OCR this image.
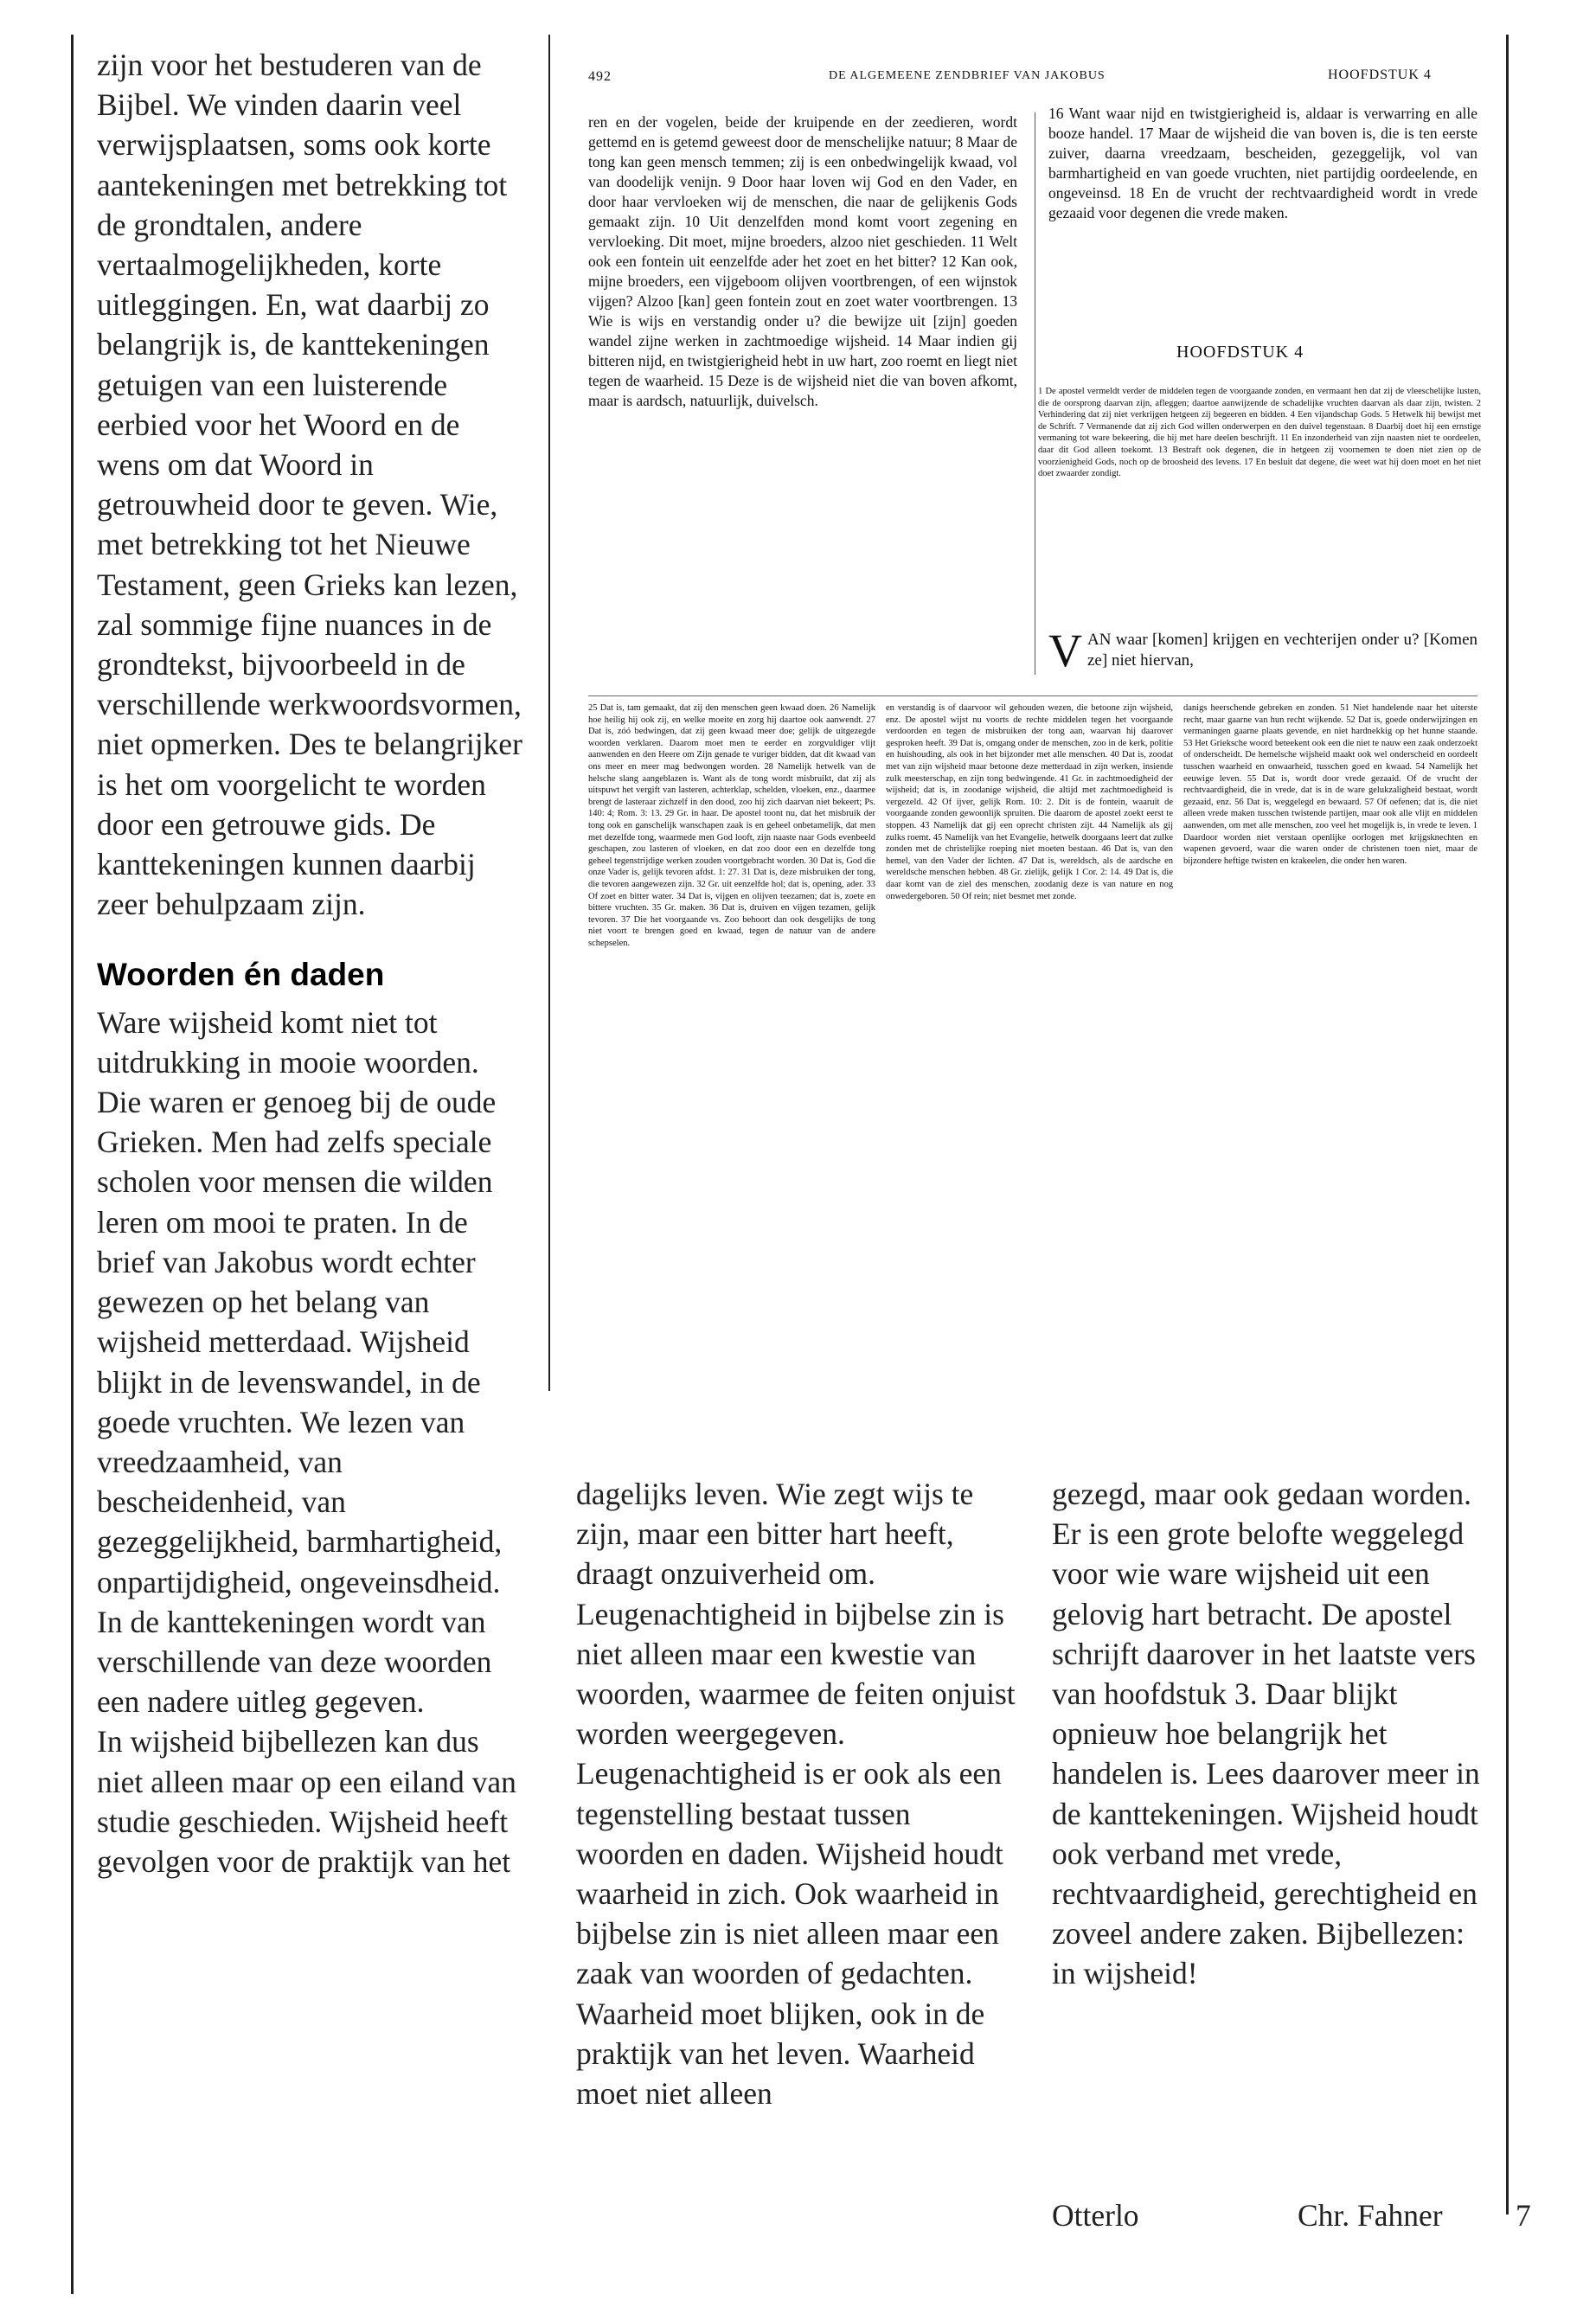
zijn voor het bestuderen van de Bijbel. We vinden daarin veel verwijsplaatsen, soms ook korte aantekeningen met betrekking tot de grondtalen, andere vertaalmogelijkheden, korte uitleggingen. En, wat daarbij zo belangrijk is, de kanttekeningen getuigen van een luisterende eerbied voor het Woord en de wens om dat Woord in getrouwheid door te geven. Wie, met betrekking tot het Nieuwe Testament, geen Grieks kan lezen, zal sommige fijne nuances in de grondtekst, bijvoorbeeld in de verschillende werkwoordsvormen, niet opmerken. Des te belangrijker is het om voorgelicht te worden door een getrouwe gids. De kanttekeningen kunnen daarbij zeer behulpzaam zijn.

Woorden én daden

Ware wijsheid komt niet tot uitdrukking in mooie woorden. Die waren er genoeg bij de oude Grieken. Men had zelfs speciale scholen voor mensen die wilden leren om mooi te praten. In de brief van Jakobus wordt echter gewezen op het belang van wijsheid metterdaad. Wijsheid blijkt in de levenswandel, in de goede vruchten. We lezen van vreedzaamheid, van bescheidenheid, van gezeggelijkheid, barmhartigheid, onpartijdigheid, ongeveinsdheid. In de kanttekeningen wordt van verschillende van deze woorden een nadere uitleg gegeven.

In wijsheid bijbellezen kan dus niet alleen maar op een eiland van studie geschieden. Wijsheid heeft gevolgen voor de praktijk van het

492	DE ALGEMEENE ZENDBRIEF VAN JAKOBUS	HOOFDSTUK 4

ren en der vogelen, beide der kruipende en der zeedieren, wordt gettemd en is getemd geweest door de menschelijke natuur; 8 Maar de tong kan geen mensch temmen; zij is een onbedwingelijk kwaad, vol van doodelijk venijn. 9 Door haar loven wij God en den Vader, en door haar vervloeken wij de menschen, die naar de gelijkenis Gods gemaakt zijn. 10 Uit denzelfden mond komt voort zegening en vervloeking. Dit moet, mijne broeders, alzoo niet geschieden. 11 Welt ook een fontein uit eenzelfde ader het zoet en het bitter? 12 Kan ook, mijne broeders, een vijgeboom olijven voortbrengen, of een wijnstok vijgen? Alzoo [kan] geen fontein zout en zoet water voortbrengen. 13 Wie is wijs en verstandig onder u? die bewijze uit [zijn] goeden wandel zijne werken in zachtmoedige wijsheid. 14 Maar indien gij bitteren nijd, en twistgierigheid hebt in uw hart, zoo roemt en liegt niet tegen de waarheid. 15 Deze is de wijsheid niet die van boven afkomt, maar is aardsch, natuurlijk, duivelsch.

16 Want waar nijd en twistgierigheid is, aldaar is verwarring en alle booze handel. 17 Maar de wijsheid die van boven is, die is ten eerste zuiver, daarna vreedzaam, bescheiden, gezeggelijk, vol van barmhartigheid en van goede vruchten, niet partijdig oordeelende, en ongeveinsd. 18 En de vrucht der rechtvaardigheid wordt in vrede gezaaid voor degenen die vrede maken.

HOOFDSTUK 4

1 De apostel vermeldt verder de middelen tegen de voorgaande zonden, en vermaant hen dat zij de vleeschelijke lusten, die de oorsprong daarvan zijn, afleggen; daartoe aanwijzende de schadelijke vruchten daarvan als daar zijn, twisten. 2 Verhindering dat zij niet verkrijgen hetgeen zij begeeren en bidden. 4 Een vijandschap Gods. 5 Hetwelk hij bewijst met de Schrift. 7 Vermanende dat zij zich God willen onderwerpen en den duivel tegenstaan. 8 Daarbij doet hij een ernstige vermaning tot ware bekeering, die hij met hare deelen beschrijft. 11 En inzonderheid van zijn naasten niet te oordeelen, daar dit God alleen toekomt. 13 Bestraft ook degenen, die in hetgeen zij voornemen te doen niet zien op de voorzienigheid Gods, noch op de broosheid des levens. 17 En besluit dat degene, die weet wat hij doen moet en het niet doet zwaarder zondigt.

V AN waar [komen] krijgen en vechterijen onder u? [Komen ze] niet hiervan,

25 Dat is, tam gemaakt, dat zij den menschen geen kwaad doen. 26 Namelijk hoe heilig hij ook zij, en welke moeite en zorg hij daartoe ook aanwendt. 27 Dat is, zóó bedwingen, dat zij geen kwaad meer doe; gelijk de uitgezegde woorden verklaren. Daarom moet men te eerder en zorgvuldiger vlijt aanwenden en den Heere om Zijn genade te vuriger bidden, dat dit kwaad van ons meer en meer mag bedwongen worden. 28 Namelijk hetwelk van de helsche slang aangeblazen is. Want als de tong wordt misbruikt, dat zij als uitspuwt het vergift van lasteren, achterklap, schelden, vloeken, enz., daarmee brengt de lasteraar zichzelf in den dood, zoo hij zich daarvan niet bekeert; Ps. 140: 4; Rom. 3: 13. 29 Gr. in haar. De apostel toont nu, dat het misbruik der tong ook en ganschelijk wanschapen zaak is en geheel onbetamelijk, dat men met dezelfde tong, waarmede men God looft, zijn naaste naar Gods evenbeeld geschapen, zou lasteren of vloeken, en dat zoo door een en dezelfde tong geheel tegenstrijdige werken zouden voortgebracht worden. 30 Dat is, God die onze Vader is, gelijk tevoren afdst. 1: 27. 31 Dat is, deze misbruiken der tong, die tevoren aangewezen zijn. 32 Gr. uit eenzelfde hol; dat is, opening, ader. 33 Of zoet en bitter water. 34 Dat is, vijgen en olijven teezamen; dat is, zoete en bittere vruchten. 35 Gr. maken. 36 Dat is, druiven en vijgen tezamen, gelijk tevoren. 37 Die het voorgaande vs. Zoo behoort dan ook desgelijks de tong niet voort te brengen goed en kwaad, tegen de natuur van de andere schepselen.

en verstandig is of daarvoor wil gehouden wezen, die betoone zijn wijsheid, enz. De apostel wijst nu voorts de rechte middelen tegen het voorgaande verdoorden en tegen de misbruiken der tong aan, waarvan hij daarover gesproken heeft. 39 Dat is, omgang onder de menschen, zoo in de kerk, politie en huishouding, als ook in het bijzonder met alle menschen. 40 Dat is, zoodat met van zijn wijsheid maar betoone deze metterdaad in zijn werken, insiende zulk meesterschap, en zijn tong bedwingende. 41 Gr. in zachtmoedigheid der wijsheid; dat is, in zoodanige wijsheid, die altijd met zachtmoedigheid is vergezeld. 42 Of ijver, gelijk Rom. 10: 2. Dit is de fontein, waaruit de voorgaande zonden gewoonlijk spruiten. Die daarom de apostel zoekt eerst te stoppen. 43 Namelijk dat gij een oprecht christen zijt. 44 Namelijk als gij zulks roemt. 45 Namelijk van het Evangelie, hetwelk doorgaans leert dat zulke zonden met de christelijke roeping niet moeten bestaan. 46 Dat is, van den hemel, van den Vader der lichten. 47 Dat is, wereldsch, als de aardsche en wereldsche menschen hebben. 48 Gr. zielijk, gelijk 1 Cor. 2: 14. 49 Dat is, die daar komt van de ziel des menschen, zoodanig deze is van nature en nog onwedergeboren. 50 Of rein; niet besmet met zonde.

danigs heerschende gebreken en zonden. 51 Niet handelende naar het uiterste recht, maar gaarne van hun recht wijkende. 52 Dat is, goede onderwijzingen en vermaningen gaarne plaats gevende, en niet hardnekkig op het hunne staande. 53 Het Grieksche woord beteekent ook een die niet te nauw een zaak onderzoekt of onderscheidt. De hemelsche wijsheid maakt ook wel onderscheid en oordeelt tusschen waarheid en onwaarheid, tusschen goed en kwaad. 54 Namelijk het eeuwige leven. 55 Dat is, wordt door vrede gezaaid. Of de vrucht der rechtvaardigheid, die in vrede, dat is in de ware gelukzaligheid bestaat, wordt gezaaid, enz. 56 Dat is, weggelegd en bewaard. 57 Of oefenen; dat is, die niet alleen vrede maken tusschen twistende partijen, maar ook alle vlijt en middelen aanwenden, om met alle menschen, zoo veel het mogelijk is, in vrede te leven. 1 Daardoor worden niet verstaan openlijke oorlogen met krijgsknechten en wapenen gevoerd, waar die waren onder de christenen toen niet, maar de bijzondere heftige twisten en krakeelen, die onder hen waren.

dagelijks leven. Wie zegt wijs te zijn, maar een bitter hart heeft, draagt onzuiverheid om. Leugenachtigheid in bijbelse zin is niet alleen maar een kwestie van woorden, waarmee de feiten onjuist worden weergegeven. Leugenachtigheid is er ook als een tegenstelling bestaat tussen woorden en daden. Wijsheid houdt waarheid in zich. Ook waarheid in bijbelse zin is niet alleen maar een zaak van woorden of gedachten. Waarheid moet blijken, ook in de praktijk van het leven. Waarheid moet niet alleen

gezegd, maar ook gedaan worden.

Er is een grote belofte weggelegd voor wie ware wijsheid uit een gelovig hart betracht. De apostel schrijft daarover in het laatste vers van hoofdstuk 3. Daar blijkt opnieuw hoe belangrijk het handelen is. Lees daarover meer in de kanttekeningen. Wijsheid houdt ook verband met vrede, rechtvaardigheid, gerechtigheid en zoveel andere zaken. Bijbellezen: in wijsheid!

Otterlo	Chr. Fahner 7
